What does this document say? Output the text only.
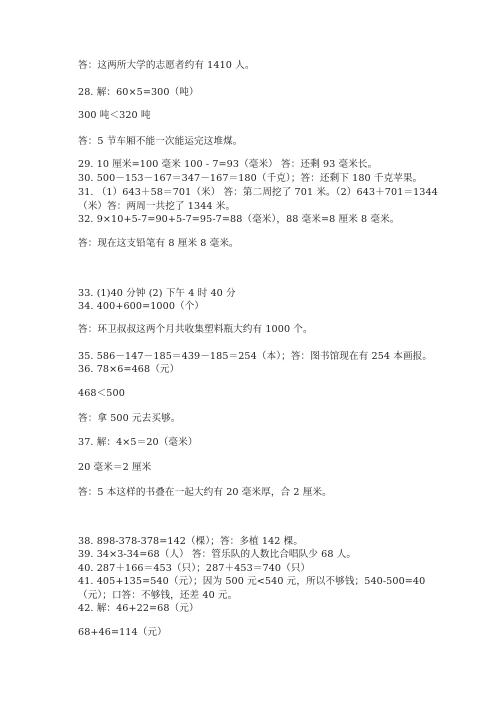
答：这两所大学的志愿者约有 1410 人。
28. 解：60×5=300（吨）
300 吨＜320 吨
答：5 节车厢不能一次能运完这堆煤。
29. 10 厘米=100 毫米 100 - 7=93（毫米） 答：还剩 93 毫米长。
30. 500－153－167＝347－167＝180（千克）；答：还剩下 180 千克苹果。
31. （1）643＋58＝701（米） 答：第二周挖了 701 米。（2）643＋701＝1344
（米）答：两周一共挖了 1344 米。
32. 9×10+5-7=90+5-7=95-7=88（毫米），88 毫米=8 厘米 8 毫米。
答：现在这支铅笔有 8 厘米 8 毫米。
33. (1)40 分钟 (2) 下午 4 时 40 分
34. 400+600=1000（个）
答：环卫叔叔这两个月共收集塑料瓶大约有 1000 个。
35. 586－147－185＝439－185＝254（本）；答：图书馆现在有 254 本画报。
36. 78×6=468（元）
468＜500
答：拿 500 元去买够。
37. 解：4×5＝20（毫米）
20 毫米＝2 厘米
答：5 本这样的书叠在一起大约有 20 毫米厚，合 2 厘米。
38. 898-378-378=142（棵）；答：多植 142 棵。
39. 34×3-34=68（人） 答：管乐队的人数比合唱队少 68 人。
40. 287＋166＝453（只）；287＋453＝740（只）
41. 405+135=540（元）；因为 500 元<540 元，所以不够钱；540-500=40
（元）；口答：不够钱，还差 40 元。
42. 解：46+22=68（元）
68+46=114（元）
